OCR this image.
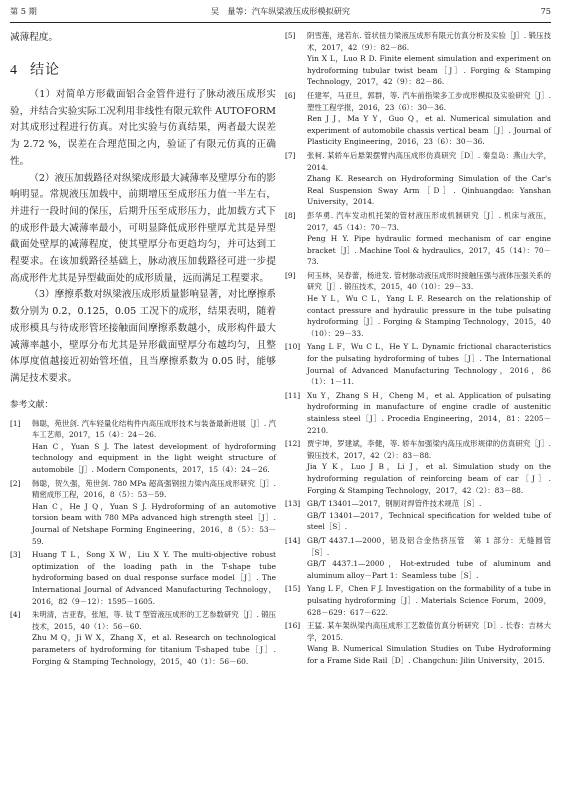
第 5 期	吴　量等：汽车纵梁液压成形模拟研究	75

减薄程度。

4 结论

（1）对简单方形截面铝合金管件进行了脉动液压成形实验，并结合实验实际工况利用非线性有限元软件 AUTOFORM 对其成形过程进行仿真。对比实验与仿真结果，两者最大误差为 2.72 %，误差在合理范围之内，验证了有限元仿真的正确性。

（2）液压加载路径对纵梁成形最大减薄率及壁厚分布的影响明显。常规液压加载中，前期增压至成形压力值一半左右，并进行一段时间的保压，后期升压至成形压力，此加载方式下的成形件最大减薄率最小，可明显降低成形件壁厚尤其是异型截面处壁厚的减薄程度，使其壁厚分布更趋均匀，并可达到工程要求。在该加载路径基础上，脉动液压加载路径可进一步提高成形件尤其是异型截面处的成形质量，远而满足工程要求。

（3）摩擦系数对纵梁液压成形质量影响显著，对比摩擦系数分别为 0.2，0.125，0.05 工况下的成形，结果表明，随着成形模具与待成形管坯接触面间摩擦系数越小，成形构件最大减薄率越小，壁厚分布尤其是异形截面壁厚分布越均匀，且整体厚度值越接近初始管坯值，且当摩擦系数为 0.05 时，能够满足技术要求。

参考文献：
[1]	韩聪，苑世剑. 汽车轻量化结构件内高压成形技术与装备最新进展［J］. 汽车工艺师，2017，15（4）：24－26.
Han C，Yuan S J. The latest development of hydroforming technology and equipment in the light weight structure of automobile［J］. Modern Components，2017，15（4）：24－26.
[2]	韩聪，贺久强，苑世剑. 780 MPa 超高强钢扭力梁内高压成形研究［J］. 精密成形工程，2016，8（5）：53－59.
Han C，He J Q，Yuan S J. Hydroforming of an automotive torsion beam with 780 MPa advanced high strength steel［J］. Journal of Netshape Forming Engineering，2016，8（5）：53－59.
[3]	Huang T L，Song X W，Liu X Y. The multi-objective robust optimization of the loading path in the T-shape tube hydroforming based on dual response surface model［J］. The International Journal of Advanced Manufacturing Technology，2016，82（9－12）：1595－1605.
[4]	朱明清，吉亚春，张旭，等. 钛 T 型管液压成形的工艺参数研究［J］. 锻压技术，2015，40（1）：56－60.
Zhu M Q，Ji W X，Zhang X，et al. Research on technological parameters of hydroforming for titanium T-shaped tube［J］. Forging & Stamping Technology，2015，40（1）：56－60.
[5]	阴雪莲，逯若东. 管状扭力梁液压成形有限元仿真分析及实验［J］. 锻压技术，2017，42（9）：82－86.
Yin X L，Luo R D. Finite element simulation and experiment on hydroforming tubular twist beam［J］. Forging & Stamping Technology，2017，42（9）：82－86.
[6]	任建军，马亚旦，郭群，等. 汽车前指梁多工步成形模拟及实验研究［J］. 塑性工程学报，2016，23（6）：30－36.
Ren J J，Ma Y Y，Guo Q，et al. Numerical simulation and experiment of automobile chassis vertical beam［J］. Journal of Plasticity Engineering，2016，23（6）：30－36.
[7]	张柯. 某轿车后悬架摆臂内高压成形仿真研究［D］. 秦皇岛：燕山大学，2014.
Zhang K. Research on Hydroforming Simulation of the Car's Real Suspension Sway Arm［D］. Qinhuangdao: Yanshan University，2014.
[8]	彭华勇. 汽车发动机托架的管材液压形成机制研究［J］. 机床与液压，2017，45（14）：70－73.
Peng H Y. Pipe hydraulic formed mechanism of car engine bracket［J］. Machine Tool & hydraulics，2017，45（14）：70－73.
[9]	何玉林，吴春蕾，杨进发. 管材脉动液压成形时接触压强与液体压强关系的研究［J］. 锻压技术，2015，40（10）：29－33.
He Y L，Wu C L，Yang L F. Research on the relationship of contact pressure and hydraulic pressure in the tube pulsating hydroforming［J］. Forging & Stamping Technology，2015，40（10）：29－33.
[10] Yang L F，Wu C L，He Y L. Dynamic frictional characteristics for the pulsating hydroforming of tubes［J］. The International Journal of Advanced Manufacturing Technology，2016，86（1）：1－11.
[11] Xu Y，Zhang S H，Cheng M，et al. Application of pulsating hydroforming in manufacture of engine cradle of austenitic stainless steel［J］. Procedia Engineering，2014，81：2205－2210.
[12] 贾宇坤，罗建斌，李健，等. 轿车加强梁内高压成形规律的仿真研究［J］. 锻压技术，2017，42（2）：83－88.
Jia Y K，Luo J B，Li J，et al. Simulation study on the hydroforming regulation of reinforcing beam of car［J］. Forging & Stamping Technology，2017，42（2）：83－88.
[13] GB/T 13401—2017，钢制对焊管件技术规范［S］.
GB/T 13401—2017，Technical specification for welded tube of steel［S］.
[14] GB/T 4437.1—2000，铝及铝合金热挤压管　第 1 部分：无缝圆管［S］.
GB/T 4437.1—2000，Hot-extruded tube of aluminum and aluminum alloy－Part 1：Seamless tube［S］.
[15] Yang L F，Chen F J. Investigation on the formability of a tube in pulsating hydroforming［J］. Materials Science Forum，2009，628－629：617－622.
[16] 王猛. 某车架纵梁内高压成形工艺数值仿真分析研究［D］. 长春：吉林大学，2015.
Wang B. Numerical Simulation Studies on Tube Hydroforming for a Frame Side Rail［D］. Changchun: Jilin University，2015.
